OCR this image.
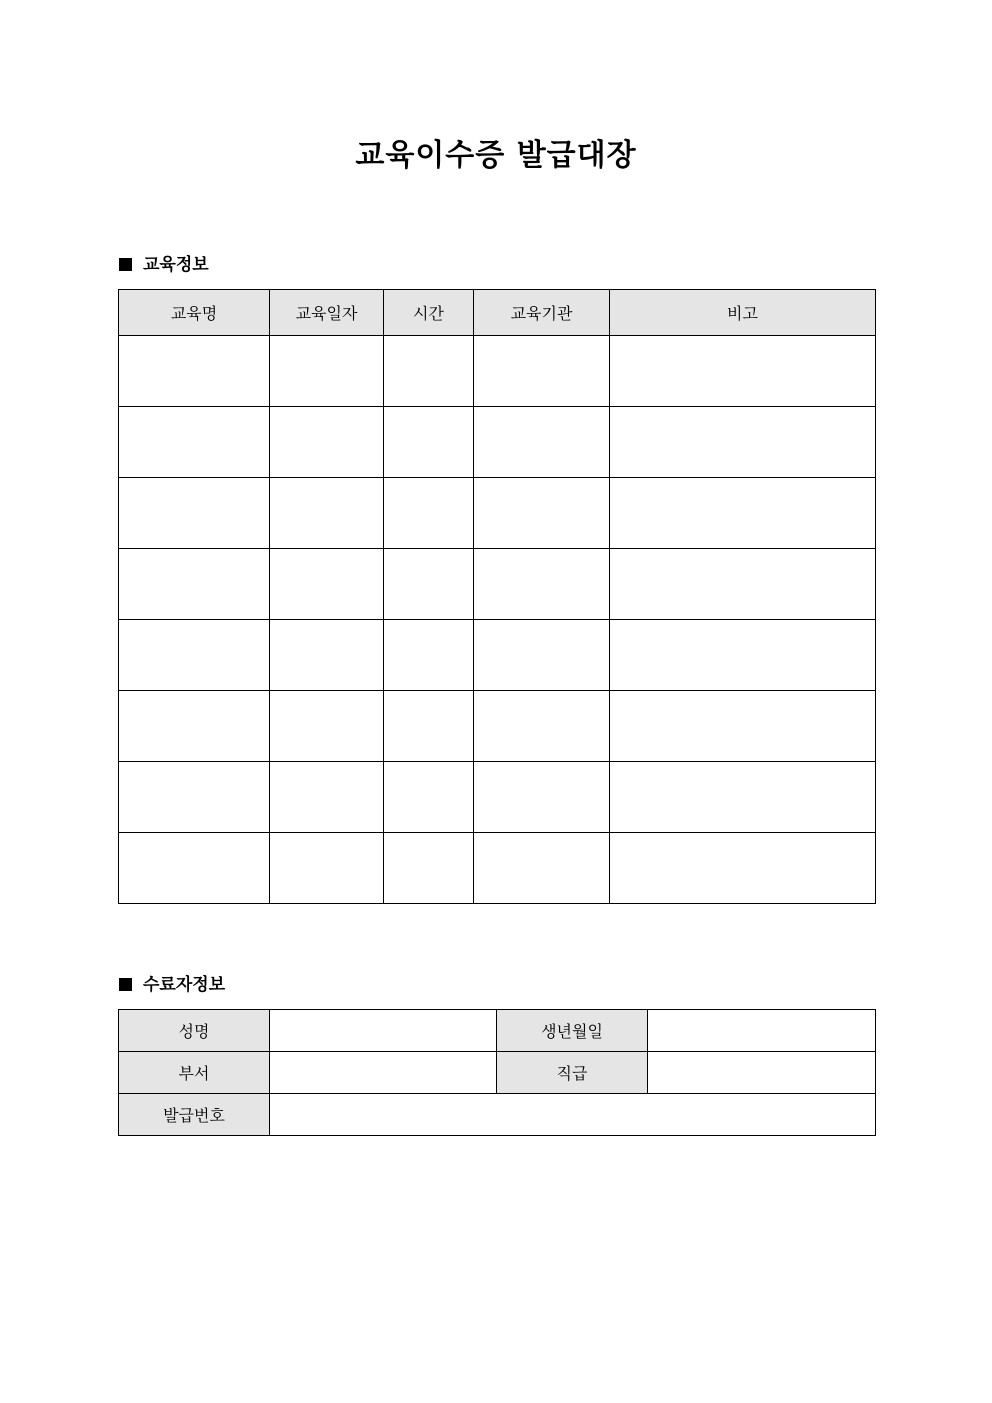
교육이수증 발급대장
교육정보
교육명	교육일자	시간	교육기관	비고

수료자정보
성명		생년월일	
부서		직급	
발급번호			
